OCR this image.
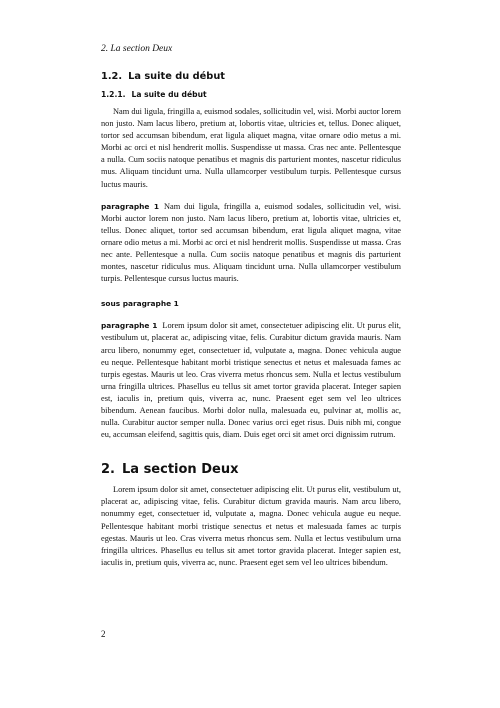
2. La section Deux
1.2. La suite du début
1.2.1. La suite du début

Nam dui ligula, fringilla a, euismod sodales, sollicitudin vel, wisi. Morbi auctor lorem non justo. Nam lacus libero, pretium at, lobortis vitae, ultricies et, tellus. Donec aliquet, tortor sed accumsan bibendum, erat ligula aliquet magna, vitae ornare odio metus a mi. Morbi ac orci et nisl hendrerit mollis. Suspendisse ut massa. Cras nec ante. Pellentesque a nulla. Cum sociis natoque penatibus et magnis dis parturient montes, nascetur ridiculus mus. Aliquam tincidunt urna. Nulla ullamcorper vestibulum turpis. Pellentesque cursus luctus mauris.

paragraphe 1 Nam dui ligula, fringilla a, euismod sodales, sollicitudin vel, wisi. Morbi auctor lorem non justo. Nam lacus libero, pretium at, lobortis vitae, ultricies et, tellus. Donec aliquet, tortor sed accumsan bibendum, erat ligula aliquet magna, vitae ornare odio metus a mi. Morbi ac orci et nisl hendrerit mollis. Suspendisse ut massa. Cras nec ante. Pellentesque a nulla. Cum sociis natoque penatibus et magnis dis parturient montes, nascetur ridiculus mus. Aliquam tincidunt urna. Nulla ullamcorper vestibulum turpis. Pellentesque cursus luctus mauris.

sous paragraphe 1

paragraphe 1 Lorem ipsum dolor sit amet, consectetuer adipiscing elit. Ut purus elit, vestibulum ut, placerat ac, adipiscing vitae, felis. Curabitur dictum gravida mauris. Nam arcu libero, nonummy eget, consectetuer id, vulputate a, magna. Donec vehicula augue eu neque. Pellentesque habitant morbi tristique senectus et netus et malesuada fames ac turpis egestas. Mauris ut leo. Cras viverra metus rhoncus sem. Nulla et lectus vestibulum urna fringilla ultrices. Phasellus eu tellus sit amet tortor gravida placerat. Integer sapien est, iaculis in, pretium quis, viverra ac, nunc. Praesent eget sem vel leo ultrices bibendum. Aenean faucibus. Morbi dolor nulla, malesuada eu, pulvinar at, mollis ac, nulla. Curabitur auctor semper nulla. Donec varius orci eget risus. Duis nibh mi, congue eu, accumsan eleifend, sagittis quis, diam. Duis eget orci sit amet orci dignissim rutrum.

2. La section Deux

Lorem ipsum dolor sit amet, consectetuer adipiscing elit. Ut purus elit, vestibulum ut, placerat ac, adipiscing vitae, felis. Curabitur dictum gravida mauris. Nam arcu libero, nonummy eget, consectetuer id, vulputate a, magna. Donec vehicula augue eu neque. Pellentesque habitant morbi tristique senectus et netus et malesuada fames ac turpis egestas. Mauris ut leo. Cras viverra metus rhoncus sem. Nulla et lectus vestibulum urna fringilla ultrices. Phasellus eu tellus sit amet tortor gravida placerat. Integer sapien est, iaculis in, pretium quis, viverra ac, nunc. Praesent eget sem vel leo ultrices bibendum.

2
